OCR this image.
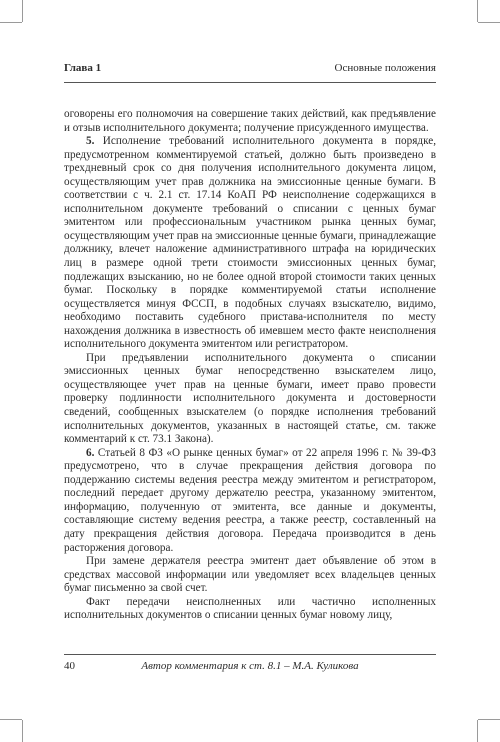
Глава 1	Основные положения

оговорены его полномочия на совершение таких действий, как предъявление и отзыв исполнительного документа; получение присужденного имущества.

5. Исполнение требований исполнительного документа в порядке, предусмотренном комментируемой статьей, должно быть произведено в трехдневный срок со дня получения исполнительного документа лицом, осуществляющим учет прав должника на эмиссионные ценные бумаги. В соответствии с ч. 2.1 ст. 17.14 КоАП РФ неисполнение содержащихся в исполнительном документе требований о списании с ценных бумаг эмитентом или профессиональным участником рынка ценных бумаг, осуществляющим учет прав на эмиссионные ценные бумаги, принадлежащие должнику, влечет наложение административного штрафа на юридических лиц в размере одной трети стоимости эмиссионных ценных бумаг, подлежащих взысканию, но не более одной второй стоимости таких ценных бумаг. Поскольку в порядке комментируемой статьи исполнение осуществляется минуя ФССП, в подобных случаях взыскателю, видимо, необходимо поставить судебного пристава-исполнителя по месту нахождения должника в известность об имевшем место факте неисполнения исполнительного документа эмитентом или регистратором.

При предъявлении исполнительного документа о списании эмиссионных ценных бумаг непосредственно взыскателем лицо, осуществляющее учет прав на ценные бумаги, имеет право провести проверку подлинности исполнительного документа и достоверности сведений, сообщенных взыскателем (о порядке исполнения требований исполнительных документов, указанных в настоящей статье, см. также комментарий к ст. 73.1 Закона).

6. Статьей 8 ФЗ «О рынке ценных бумаг» от 22 апреля 1996 г. № 39-ФЗ предусмотрено, что в случае прекращения действия договора по поддержанию системы ведения реестра между эмитентом и регистратором, последний передает другому держателю реестра, указанному эмитентом, информацию, полученную от эмитента, все данные и документы, составляющие систему ведения реестра, а также реестр, составленный на дату прекращения действия договора. Передача производится в день расторжения договора.

При замене держателя реестра эмитент дает объявление об этом в средствах массовой информации или уведомляет всех владельцев ценных бумаг письменно за свой счет.

Факт передачи неисполненных или частично исполненных исполнительных документов о списании ценных бумаг новому лицу,

40	Автор комментария к ст. 8.1 – М.А. Куликова
